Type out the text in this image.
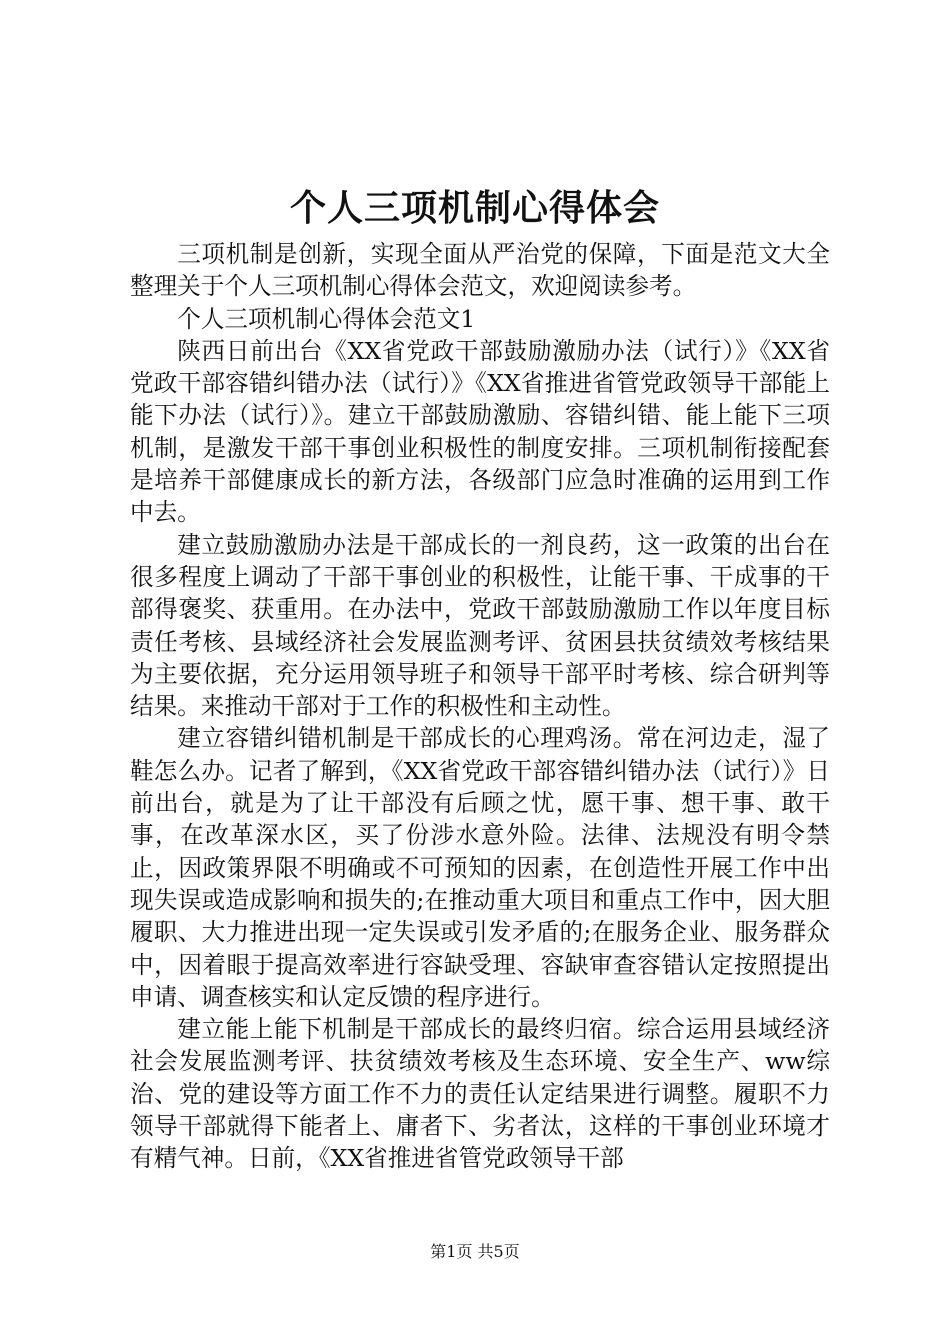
个人三项机制心得体会

三项机制是创新，实现全面从严治党的保障，下面是范文大全整理关于个人三项机制心得体会范文，欢迎阅读参考。

个人三项机制心得体会范文1

陕西日前出台《XX省党政干部鼓励激励办法（试行）》《XX省党政干部容错纠错办法（试行）》《XX省推进省管党政领导干部能上能下办法（试行）》。建立干部鼓励激励、容错纠错、能上能下三项机制，是激发干部干事创业积极性的制度安排。三项机制衔接配套是培养干部健康成长的新方法，各级部门应急时准确的运用到工作中去。

建立鼓励激励办法是干部成长的一剂良药，这一政策的出台在很多程度上调动了干部干事创业的积极性，让能干事、干成事的干部得褒奖、获重用。在办法中，党政干部鼓励激励工作以年度目标责任考核、县域经济社会发展监测考评、贫困县扶贫绩效考核结果为主要依据，充分运用领导班子和领导干部平时考核、综合研判等结果。来推动干部对于工作的积极性和主动性。

建立容错纠错机制是干部成长的心理鸡汤。常在河边走，湿了鞋怎么办。记者了解到，《XX省党政干部容错纠错办法（试行）》日前出台，就是为了让干部没有后顾之忧，愿干事、想干事、敢干事，在改革深水区，买了份涉水意外险。法律、法规没有明令禁止，因政策界限不明确或不可预知的因素，在创造性开展工作中出现失误或造成影响和损失的;在推动重大项目和重点工作中，因大胆履职、大力推进出现一定失误或引发矛盾的;在服务企业、服务群众中，因着眼于提高效率进行容缺受理、容缺审查容错认定按照提出申请、调查核实和认定反馈的程序进行。

建立能上能下机制是干部成长的最终归宿。综合运用县域经济社会发展监测考评、扶贫绩效考核及生态环境、安全生产、ww综治、党的建设等方面工作不力的责任认定结果进行调整。履职不力领导干部就得下能者上、庸者下、劣者汰，这样的干事创业环境才有精气神。日前，《XX省推进省管党政领导干部

第1页 共5页
